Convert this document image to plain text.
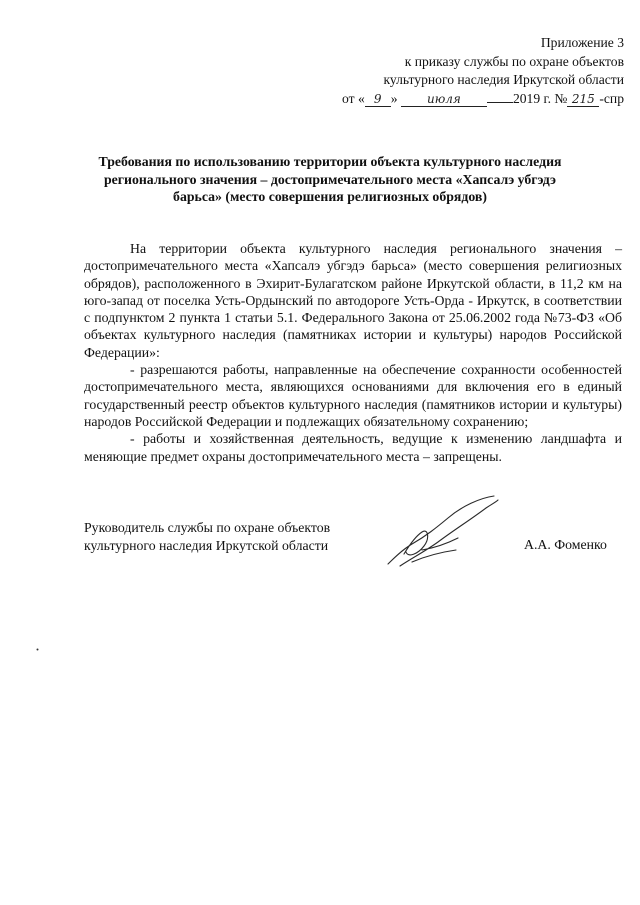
Приложение 3
к приказу службы по охране объектов
культурного наследия Иркутской области
от « 9 » июля	2019 г. № 215 -спр
Требования по использованию территории объекта культурного наследия
регионального значения – достопримечательного места «Хапсалэ убгэдэ
барьса» (место совершения религиозных обрядов)

На территории объекта культурного наследия регионального значения – достопримечательного места «Хапсалэ убгэдэ барьса» (место совершения религиозных обрядов), расположенного в Эхирит-Булагатском районе Иркутской области, в 11,2 км на юго-запад от поселка Усть-Ордынский по автодороге Усть-Орда - Иркутск, в соответствии с подпунктом 2 пункта 1 статьи 5.1. Федерального Закона от 25.06.2002 года №73-ФЗ «Об объектах культурного наследия (памятниках истории и культуры) народов Российской Федерации»:

- разрешаются работы, направленные на обеспечение сохранности особенностей достопримечательного места, являющихся основаниями для включения его в единый государственный реестр объектов культурного наследия (памятников истории и культуры) народов Российской Федерации и подлежащих обязательному сохранению;

- работы и хозяйственная деятельность, ведущие к изменению ландшафта и меняющие предмет охраны достопримечательного места – запрещены.

Руководитель службы по охране объектов
культурного наследия Иркутской области	А.А. Фоменко
